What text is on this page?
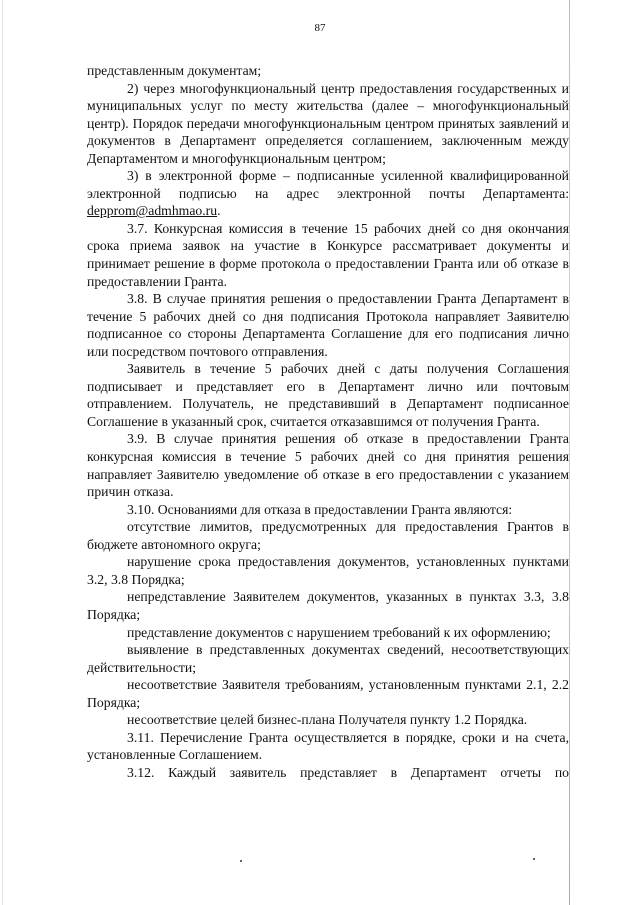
87

представленным документам;

2) через многофункциональный центр предоставления государственных и муниципальных услуг по месту жительства (далее – многофункциональный центр). Порядок передачи многофункциональным центром принятых заявлений и документов в Департамент определяется соглашением, заключенным между Департаментом и многофункциональным центром;

3) в электронной форме – подписанные усиленной квалифицированной электронной подписью на адрес электронной почты Департамента: depprom@admhmao.ru.

3.7. Конкурсная комиссия в течение 15 рабочих дней со дня окончания срока приема заявок на участие в Конкурсе рассматривает документы и принимает решение в форме протокола о предоставлении Гранта или об отказе в предоставлении Гранта.

3.8. В случае принятия решения о предоставлении Гранта Департамент в течение 5 рабочих дней со дня подписания Протокола направляет Заявителю подписанное со стороны Департамента Соглашение для его подписания лично или посредством почтового отправления.

Заявитель в течение 5 рабочих дней с даты получения Соглашения подписывает и представляет его в Департамент лично или почтовым отправлением. Получатель, не представивший в Департамент подписанное Соглашение в указанный срок, считается отказавшимся от получения Гранта.

3.9. В случае принятия решения об отказе в предоставлении Гранта конкурсная комиссия в течение 5 рабочих дней со дня принятия решения направляет Заявителю уведомление об отказе в его предоставлении с указанием причин отказа.

3.10. Основаниями для отказа в предоставлении Гранта являются:

отсутствие лимитов, предусмотренных для предоставления Грантов в бюджете автономного округа;

нарушение срока предоставления документов, установленных пунктами 3.2, 3.8 Порядка;

непредставление Заявителем документов, указанных в пунктах 3.3, 3.8 Порядка;

представление документов с нарушением требований к их оформлению;

выявление в представленных документах сведений, несоответствующих действительности;

несоответствие Заявителя требованиям, установленным пунктами 2.1, 2.2 Порядка;

несоответствие целей бизнес-плана Получателя пункту 1.2 Порядка.

3.11. Перечисление Гранта осуществляется в порядке, сроки и на счета, установленные Соглашением.

3.12. Каждый заявитель представляет в Департамент отчеты по
